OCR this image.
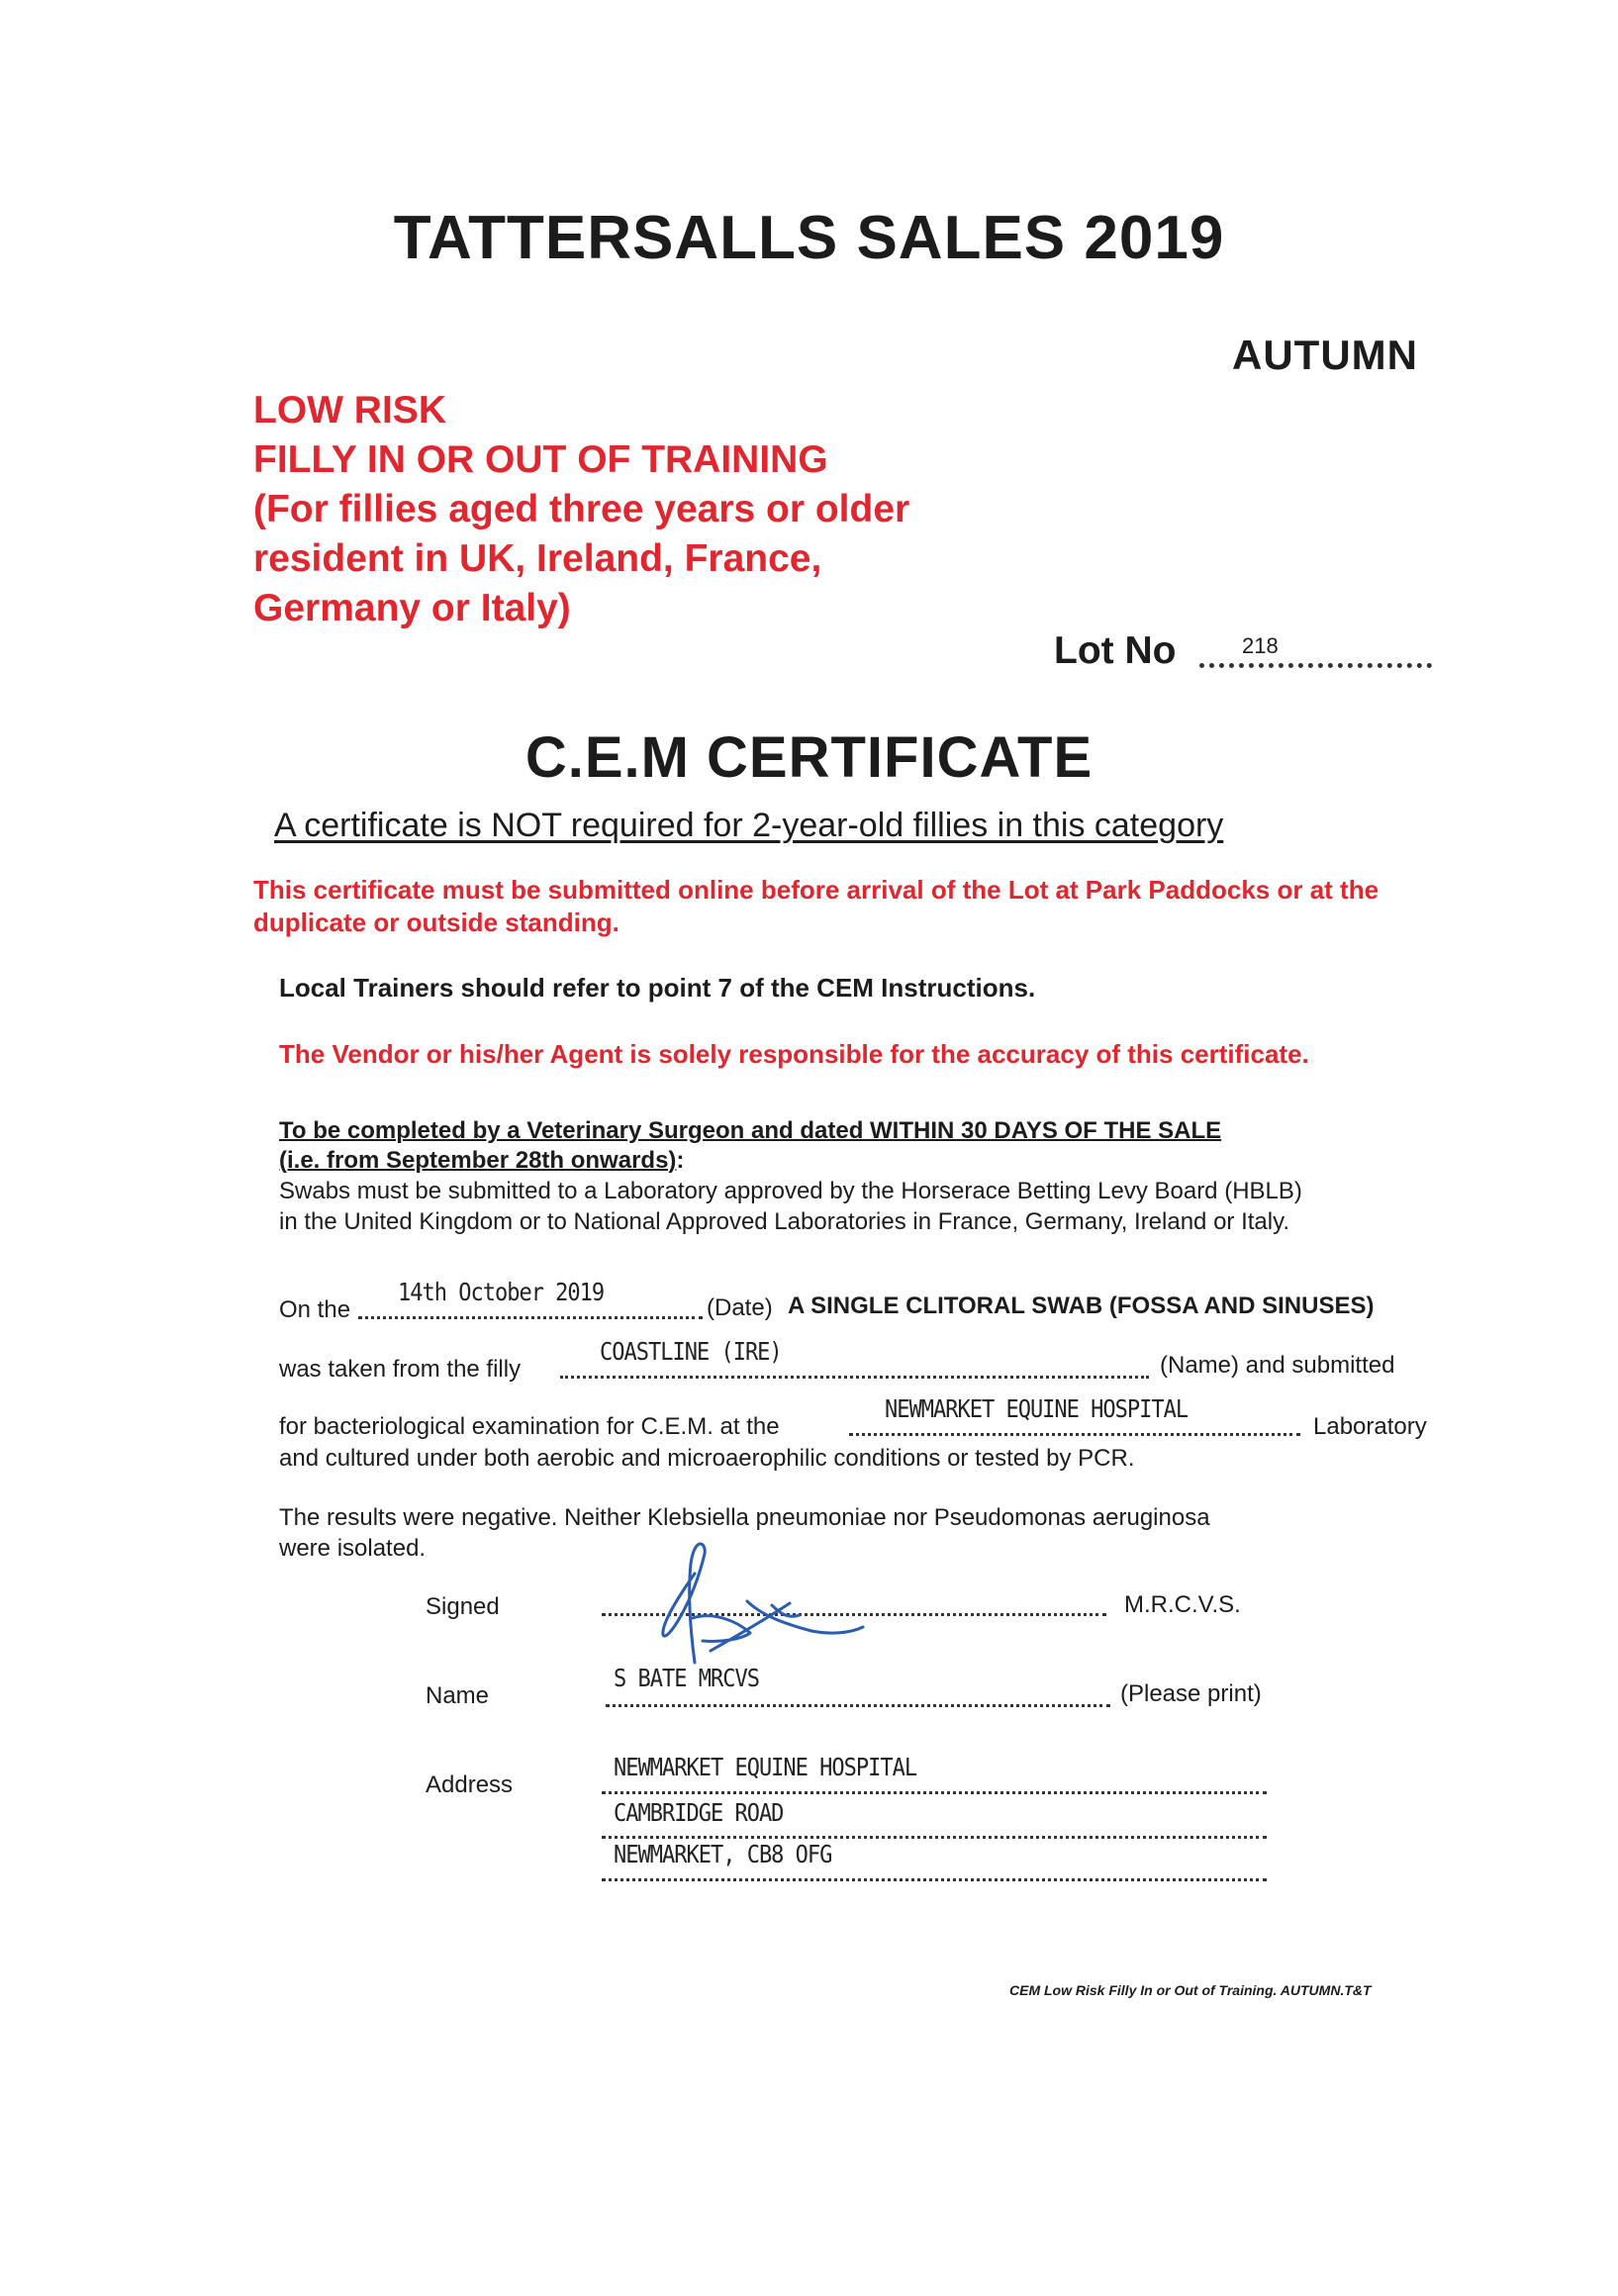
TATTERSALLS SALES 2019
AUTUMN
LOW RISK
FILLY IN OR OUT OF TRAINING
(For fillies aged three years or older
resident in UK, Ireland, France,
Germany or Italy)
Lot No	218
C.E.M CERTIFICATE
A certificate is NOT required for 2-year-old fillies in this category
This certificate must be submitted online before arrival of the Lot at Park Paddocks or at the duplicate or outside standing.
Local Trainers should refer to point 7 of the CEM Instructions.
The Vendor or his/her Agent is solely responsible for the accuracy of this certificate.
To be completed by a Veterinary Surgeon and dated WITHIN 30 DAYS OF THE SALE
(i.e. from September 28th onwards):
Swabs must be submitted to a Laboratory approved by the Horserace Betting Levy Board (HBLB)
in the United Kingdom or to National Approved Laboratories in France, Germany, Ireland or Italy.
On the
14th October 2019
(Date) A SINGLE CLITORAL SWAB (FOSSA AND SINUSES)
was taken from the filly
COASTLINE (IRE)	(Name) and submitted
for bacteriological examination for C.E.M. at the
NEWMARKET EQUINE HOSPITAL
Laboratory
and cultured under both aerobic and microaerophilic conditions or tested by PCR.
The results were negative. Neither Klebsiella pneumoniae nor Pseudomonas aeruginosa
were isolated.
Signed	M.R.C.V.S.
Name
S BATE MRCVS
(Please print)
Address
NEWMARKET EQUINE HOSPITAL
CAMBRIDGE ROAD
NEWMARKET, CB8 OFG
CEM Low Risk Filly In or Out of Training. AUTUMN.T&T
